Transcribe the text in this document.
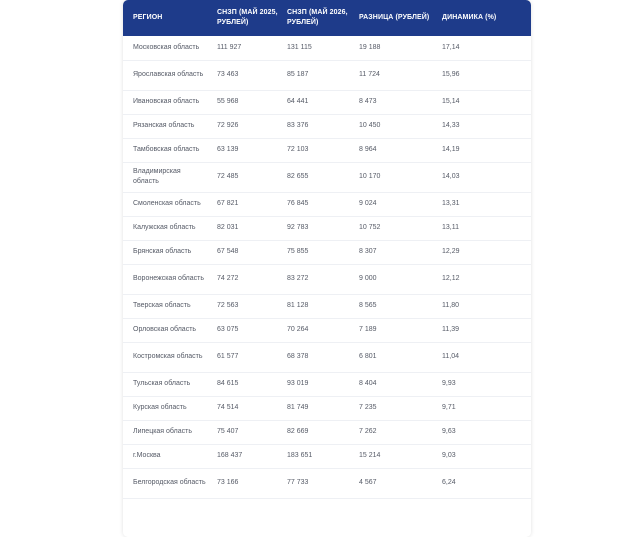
РЕГИОН	СНЗП (МАЙ 2025, РУБЛЕЙ)	СНЗП (МАЙ 2026, РУБЛЕЙ)	РАЗНИЦА (РУБЛЕЙ)	ДИНАМИКА (%)
Московская область	111 927	131 115	19 188	17,14
Ярославская область	73 463	85 187	11 724	15,96
Ивановская область	55 968	64 441	8 473	15,14
Рязанская область	72 926	83 376	10 450	14,33
Тамбовская область	63 139	72 103	8 964	14,19
Владимирская область	72 485	82 655	10 170	14,03
Смоленская область	67 821	76 845	9 024	13,31
Калужская область	82 031	92 783	10 752	13,11
Брянская область	67 548	75 855	8 307	12,29
Воронежская область	74 272	83 272	9 000	12,12
Тверская область	72 563	81 128	8 565	11,80
Орловская область	63 075	70 264	7 189	11,39
Костромская область	61 577	68 378	6 801	11,04
Тульская область	84 615	93 019	8 404	9,93
Курская область	74 514	81 749	7 235	9,71
Липецкая область	75 407	82 669	7 262	9,63
г.Москва	168 437	183 651	15 214	9,03
Белгородская область	73 166	77 733	4 567	6,24
